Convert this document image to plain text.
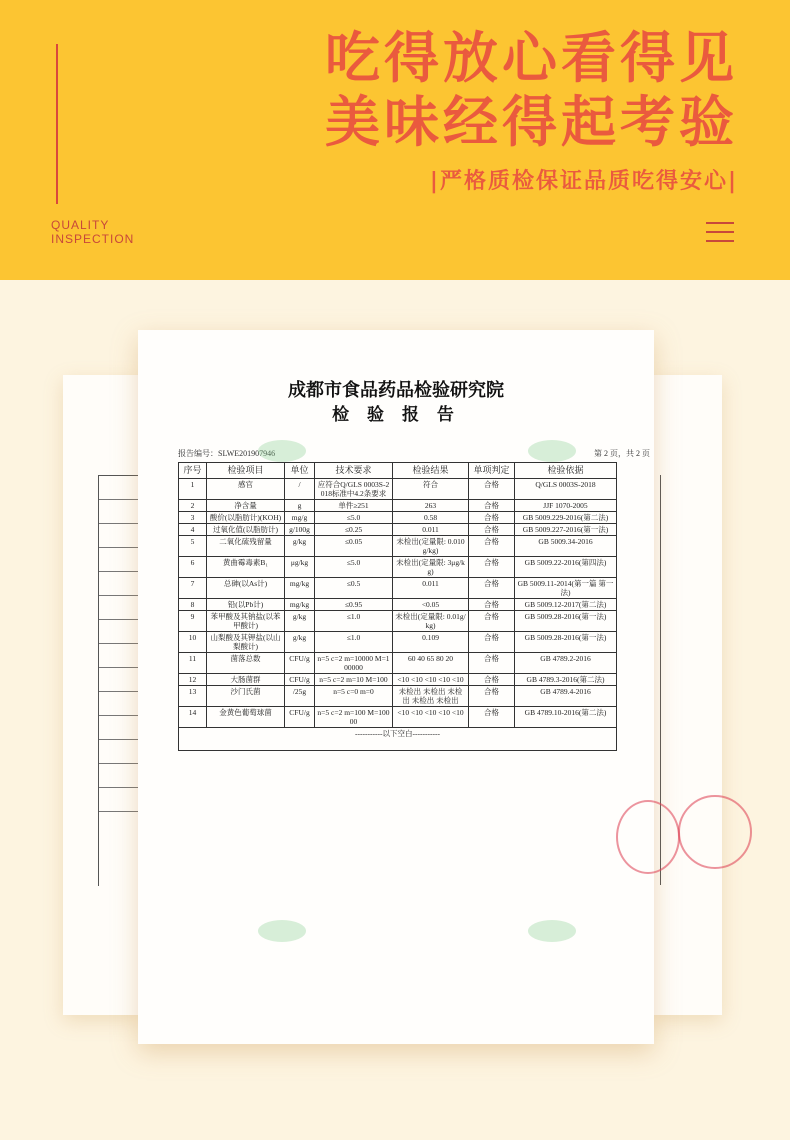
QUALITY
INSPECTION
吃得放心看得见
美味经得起考验
|严格质检保证品质吃得安心|
成都市食品药品检验研究院
检 验 报 告
报告编号：SLWE201907946	第 2 页，共 2 页
序号	检验项目	单位	技术要求	检验结果	单项判定	检验依据
1	感官	/	应符合Q/GLS 0003S-2018标准中4.2条要求	符合	合格	Q/GLS 0003S-2018
2	净含量	g	单件≥251	263	合格	JJF 1070-2005
3	酸价(以脂肪计)(KOH)	mg/g	≤5.0	0.58	合格	GB 5009.229-2016(第二法)
4	过氧化值(以脂肪计)	g/100g	≤0.25	0.011	合格	GB 5009.227-2016(第一法)
5	二氧化硫残留量	g/kg	≤0.05	未检出(定量限: 0.010g/kg)	合格	GB 5009.34-2016
6	黄曲霉毒素B₁	μg/kg	≤5.0	未检出(定量限: 3μg/kg)	合格	GB 5009.22-2016(第四法)
7	总砷(以As计)	mg/kg	≤0.5	0.011	合格	GB 5009.11-2014(第一篇 第一法)
8	铅(以Pb计)	mg/kg	≤0.95	<0.05	合格	GB 5009.12-2017(第二法)
9	苯甲酸及其钠盐(以苯甲酸计)	g/kg	≤1.0	未检出(定量限: 0.01g/kg)	合格	GB 5009.28-2016(第一法)
10	山梨酸及其钾盐(以山梨酸计)	g/kg	≤1.0	0.109	合格	GB 5009.28-2016(第一法)
11	菌落总数	CFU/g	n=5 c=2 m=10000 M=100000	60 40 65 80 20	合格	GB 4789.2-2016
12	大肠菌群	CFU/g	n=5 c=2 m=10 M=100	<10 <10 <10 <10 <10	合格	GB 4789.3-2016(第二法)
13	沙门氏菌	/25g	n=5 c=0 m=0	未检出 未检出 未检出 未检出 未检出	合格	GB 4789.4-2016
14	金黄色葡萄球菌	CFU/g	n=5 c=2 m=100 M=10000	<10 <10 <10 <10 <10	合格	GB 4789.10-2016(第二法)
-----------以下空白-----------						
